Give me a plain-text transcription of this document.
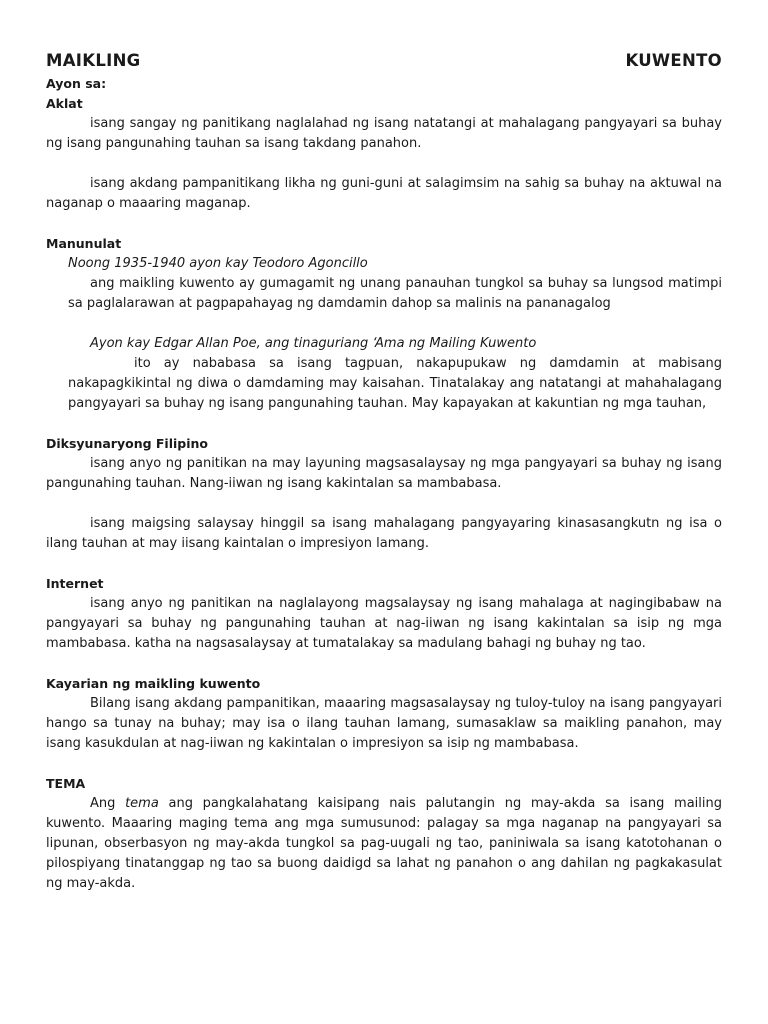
MAIKLING	KUWENTO
Ayon sa:
Aklat

isang sangay ng panitikang naglalahad ng isang natatangi at mahalagang pangyayari sa buhay ng isang pangunahing tauhan sa isang takdang panahon.

isang akdang pampanitikang likha ng guni-guni at salagimsim na sahig sa buhay na aktuwal na naganap o maaaring maganap.

Manunulat

Noong 1935-1940 ayon kay Teodoro Agoncillo

ang maikling kuwento ay gumagamit ng unang panauhan tungkol sa buhay sa lungsod matimpi sa paglalarawan at pagpapahayag ng damdamin dahop sa malinis na pananagalog

Ayon kay Edgar Allan Poe, ang tinaguriang ‘Ama ng Mailing Kuwento

ito ay nababasa sa isang tagpuan, nakapupukaw ng damdamin at mabisang nakapagkikintal ng diwa o damdaming may kaisahan. Tinatalakay ang natatangi at mahahalagang pangyayari sa buhay ng isang pangunahing tauhan. May kapayakan at kakuntian ng mga tauhan,

Diksyunaryong Filipino

isang anyo ng panitikan na may layuning magsasalaysay ng mga pangyayari sa buhay ng isang pangunahing tauhan. Nang-iiwan ng isang kakintalan sa mambabasa.

isang maigsing salaysay hinggil sa isang mahalagang pangyayaring kinasasangkutn ng isa o ilang tauhan at may iisang kaintalan o impresiyon lamang.

Internet

isang anyo ng panitikan na naglalayong magsalaysay ng isang mahalaga at nagingibabaw na pangyayari sa buhay ng pangunahing tauhan at nag-iiwan ng isang kakintalan sa isip ng mga mambabasa. katha na nagsasalaysay at tumatalakay sa madulang bahagi ng buhay ng tao.

Kayarian ng maikling kuwento

Bilang isang akdang pampanitikan, maaaring magsasalaysay ng tuloy-tuloy na isang pangyayari hango sa tunay na buhay; may isa o ilang tauhan lamang, sumasaklaw sa maikling panahon, may isang kasukdulan at nag-iiwan ng kakintalan o impresiyon sa isip ng mambabasa.

TEMA

Ang tema ang pangkalahatang kaisipang nais palutangin ng may-akda sa isang mailing kuwento. Maaaring maging tema ang mga sumusunod: palagay sa mga naganap na pangyayari sa lipunan, obserbasyon ng may-akda tungkol sa pag-uugali ng tao, paniniwala sa isang katotohanan o pilospiyang tinatanggap ng tao sa buong daidigd sa lahat ng panahon o ang dahilan ng pagkakasulat ng may-akda.
